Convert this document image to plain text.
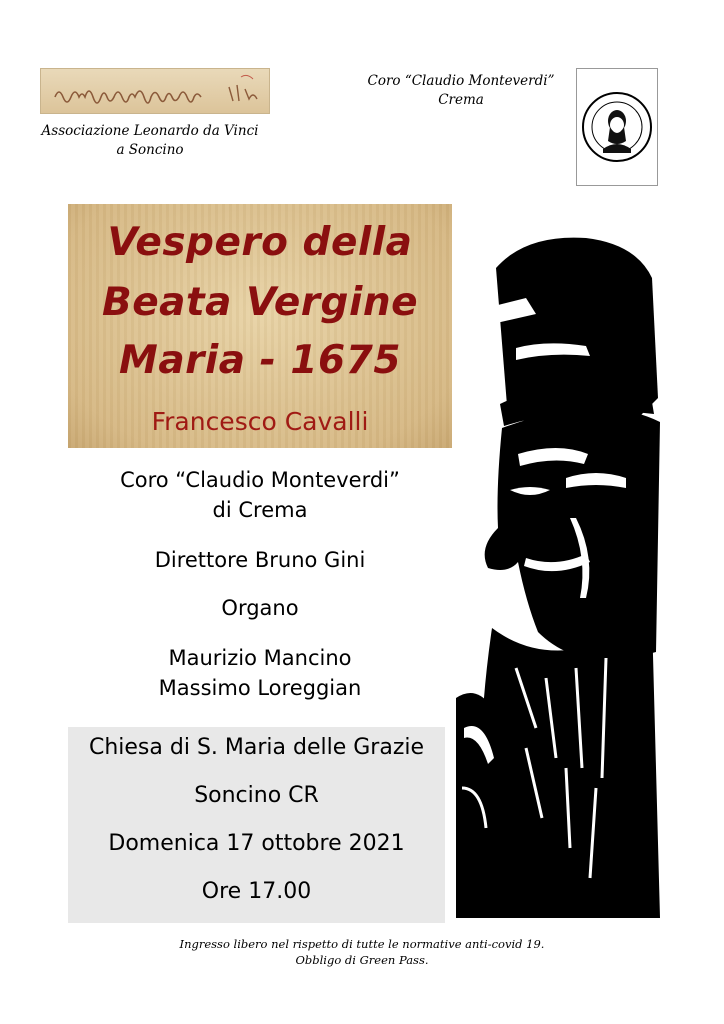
Associazione Leonardo da Vinci
a Soncino
Coro “Claudio Monteverdi”
Crema
Vespero della
Beata Vergine
Maria - 1675
Francesco Cavalli
Coro “Claudio Monteverdi”
di Crema
Direttore Bruno Gini
Organo
Maurizio Mancino
Massimo Loreggian
Chiesa di S. Maria delle Grazie
Soncino CR
Domenica 17 ottobre 2021
Ore 17.00
Ingresso libero nel rispetto di tutte le normative anti-covid 19.
Obbligo di Green Pass.
